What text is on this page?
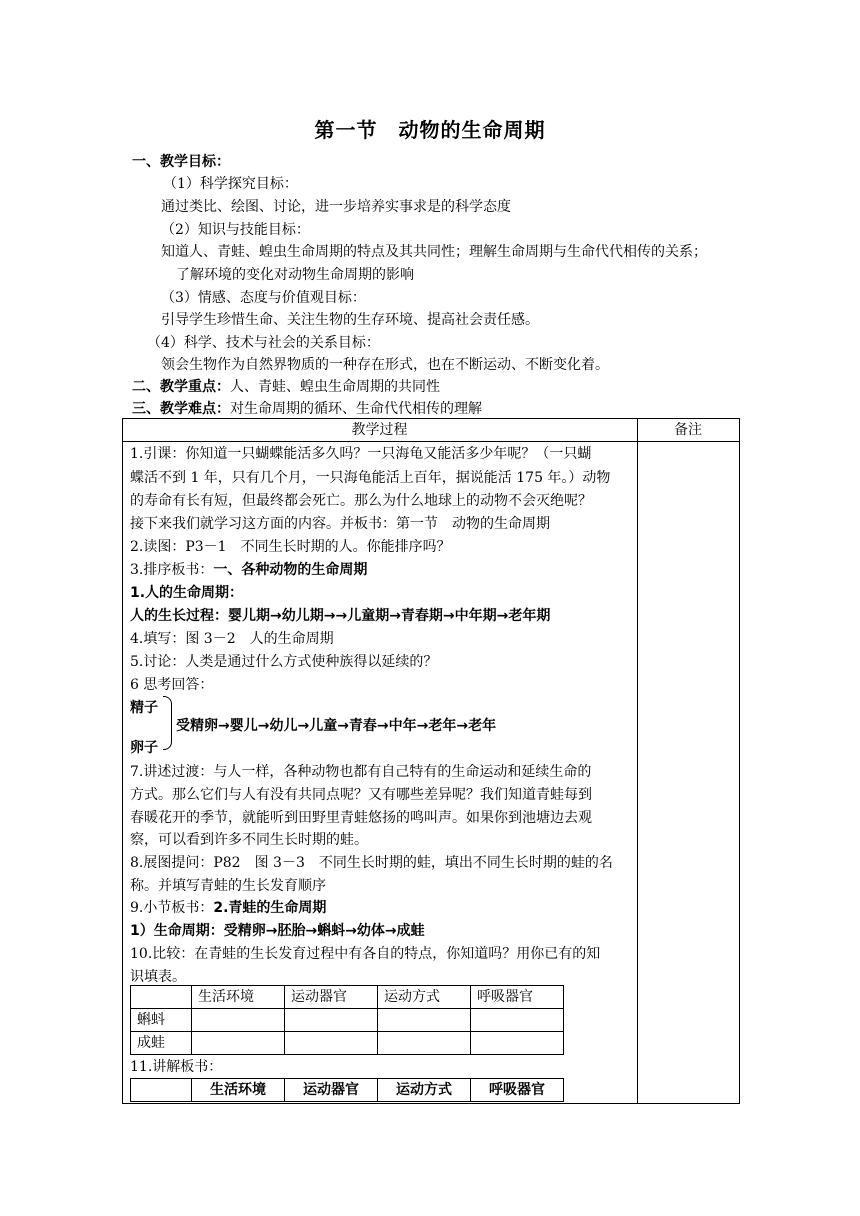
第一节　动物的生命周期
一、教学目标：
（1）科学探究目标：
通过类比、绘图、讨论，进一步培养实事求是的科学态度
（2）知识与技能目标：
知道人、青蛙、蝗虫生命周期的特点及其共同性；理解生命周期与生命代代相传的关系；
了解环境的变化对动物生命周期的影响
（3）情感、态度与价值观目标：
引导学生珍惜生命、关注生物的生存环境、提高社会责任感。
（4）科学、技术与社会的关系目标：
领会生物作为自然界物质的一种存在形式，也在不断运动、不断变化着。
二、教学重点：人、青蛙、蝗虫生命周期的共同性
三、教学难点：对生命周期的循环、生命代代相传的理解
教学过程	备注
1.引课：你知道一只蝴蝶能活多久吗？一只海龟又能活多少年呢？（一只蝴
蝶活不到 1 年，只有几个月，一只海龟能活上百年，据说能活 175 年。）动物
的寿命有长有短，但最终都会死亡。那么为什么地球上的动物不会灭绝呢？
接下来我们就学习这方面的内容。并板书：第一节　动物的生命周期
2.读图：P3－1　不同生长时期的人。你能排序吗？
3.排序板书：一、各种动物的生命周期
1.人的生命周期：
人的生长过程：婴儿期→幼儿期→→儿童期→青春期→中年期→老年期
4.填写：图 3－2　人的生命周期
5.讨论：人类是通过什么方式使种族得以延续的？
6 思考回答：
精子
受精卵→婴儿→幼儿→儿童→青春→中年→老年→老年
卵子
7.讲述过渡：与人一样，各种动物也都有自己特有的生命运动和延续生命的
方式。那么它们与人有没有共同点呢？又有哪些差异呢？我们知道青蛙每到
春暖花开的季节，就能听到田野里青蛙悠扬的鸣叫声。如果你到池塘边去观
察，可以看到许多不同生长时期的蛙。
8.展图提问：P82　图 3－3　不同生长时期的蛙，填出不同生长时期的蛙的名
称。并填写青蛙的生长发育顺序
9.小节板书：2.青蛙的生命周期
1）生命周期：受精卵→胚胎→蝌蚪→幼体→成蛙
10.比较：在青蛙的生长发育过程中有各自的特点，你知道吗？用你已有的知
识填表。
	生活环境	运动器官	运动方式	呼吸器官
蝌蚪				
成蛙				
11.讲解板书：
	生活环境	运动器官	运动方式	呼吸器官
